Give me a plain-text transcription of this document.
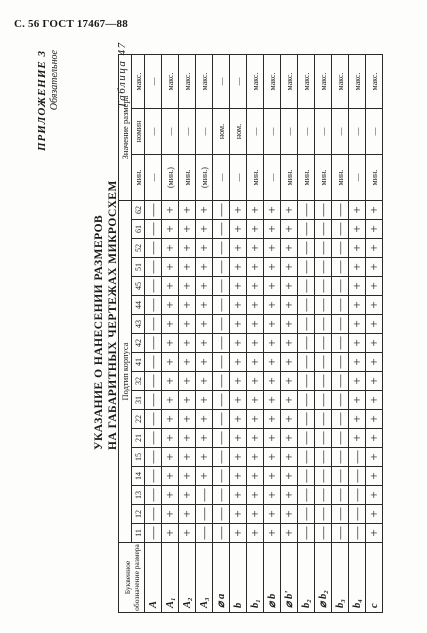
С. 56 ГОСТ 17467—88
ПРИЛОЖЕНИЕ 3 Обязательное
УКАЗАНИЕ О НАНЕСЕНИИ РАЗМЕРОВ НА ГАБАРИТНЫХ ЧЕРТЕЖАХ МИКРОСХЕМ
Таблица 47
Буквенное обозначение размера	Подтип корпуса																		Значение размера		
	11	12	13	14	15	21	22	31	32	41	42	43	44	45	51	52	61	62	мин.	номин	макс.
A	—	—	—	—	—	—	—	—	—	—	—	—	—	—	—	—	—	—	—	—	—
A₁	+	+	+	+	+	+	+	+	+	+	+	+	+	+	+	+	+	+	(мин.)	—	макс.
A₂	+	+	+	+	+	+	+	+	+	+	+	+	+	+	+	+	+	+	мин.	—	макс.
A₃	—	—	—	+	+	+	+	+	+	+	+	+	+	+	+	+	+	+	(мин.)	—	макс.
⌀ a	—	—	—	—	—	—	—	—	—	—	—	—	—	—	—	—	—	—	—	ном.	—
b	+	+	+	+	+	+	+	+	+	+	+	+	+	+	+	+	+	+	—	ном.	—
b₁	+	+	+	+	+	+	+	+	+	+	+	+	+	+	+	+	+	+	мин.	—	макс.
⌀ b	+	+	+	+	+	+	+	+	+	+	+	+	+	+	+	+	+	+	—	—	макс.
⌀ b'	+	+	+	+	+	+	+	+	+	+	+	+	+	+	+	+	+	+	мин.	—	макс.
b₂	—	—	—	—	—	—	—	—	—	—	—	—	—	—	—	—	—	—	мин.	—	макс.
⌀ b₂	—	—	—	—	—	—	—	—	—	—	—	—	—	—	—	—	—	—	мин.	—	макс.
b₃	—	—	—	—	—	—	—	—	—	—	—	—	—	—	—	—	—	—	мин.	—	макс.
b₄	—	—	—	—	—	+	+	+	+	+	+	+	+	+	+	+	+	+	—	—	макс.
c	+	+	+	+	+	+	+	+	+	+	+	+	+	+	+	+	+	+	мин.	—	макс.
